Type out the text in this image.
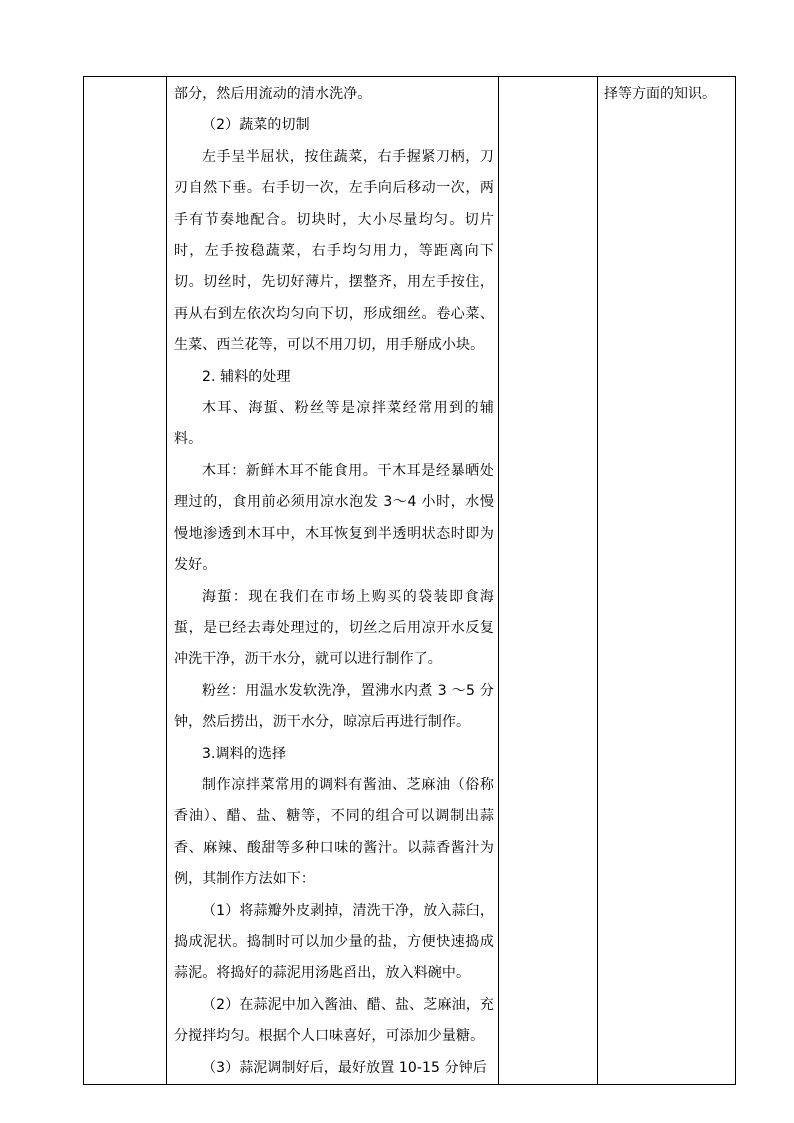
部分，然后用流动的清水洗净。

（2）蔬菜的切制

左手呈半屈状，按住蔬菜，右手握紧刀柄，刀刃自然下垂。右手切一次，左手向后移动一次，两手有节奏地配合。切块时，大小尽量均匀。切片时，左手按稳蔬菜，右手均匀用力，等距离向下切。切丝时，先切好薄片，摆整齐，用左手按住，再从右到左依次均匀向下切，形成细丝。卷心菜、生菜、西兰花等，可以不用刀切，用手掰成小块。

2. 辅料的处理

木耳、海蜇、粉丝等是凉拌菜经常用到的辅料。

木耳：新鲜木耳不能食用。干木耳是经暴晒处理过的，食用前必须用凉水泡发 3～4 小时，水慢慢地渗透到木耳中，木耳恢复到半透明状态时即为发好。

海蜇：现在我们在市场上购买的袋装即食海蜇，是已经去毒处理过的，切丝之后用凉开水反复冲洗干净，沥干水分，就可以进行制作了。

粉丝：用温水发软洗净，置沸水内煮 3 ～5 分钟，然后捞出，沥干水分，晾凉后再进行制作。

3.调料的选择

制作凉拌菜常用的调料有酱油、芝麻油（俗称香油）、醋、盐、糖等，不同的组合可以调制出蒜香、麻辣、酸甜等多种口味的酱汁。以蒜香酱汁为例，其制作方法如下：

（1）将蒜瓣外皮剥掉，清洗干净，放入蒜臼，捣成泥状。捣制时可以加少量的盐，方便快速捣成蒜泥。将捣好的蒜泥用汤匙舀出，放入料碗中。

（2）在蒜泥中加入酱油、醋、盐、芝麻油，充分搅拌均匀。根据个人口味喜好，可添加少量糖。

（3）蒜泥调制好后，最好放置 10-15 分钟后

择等方面的知识。
